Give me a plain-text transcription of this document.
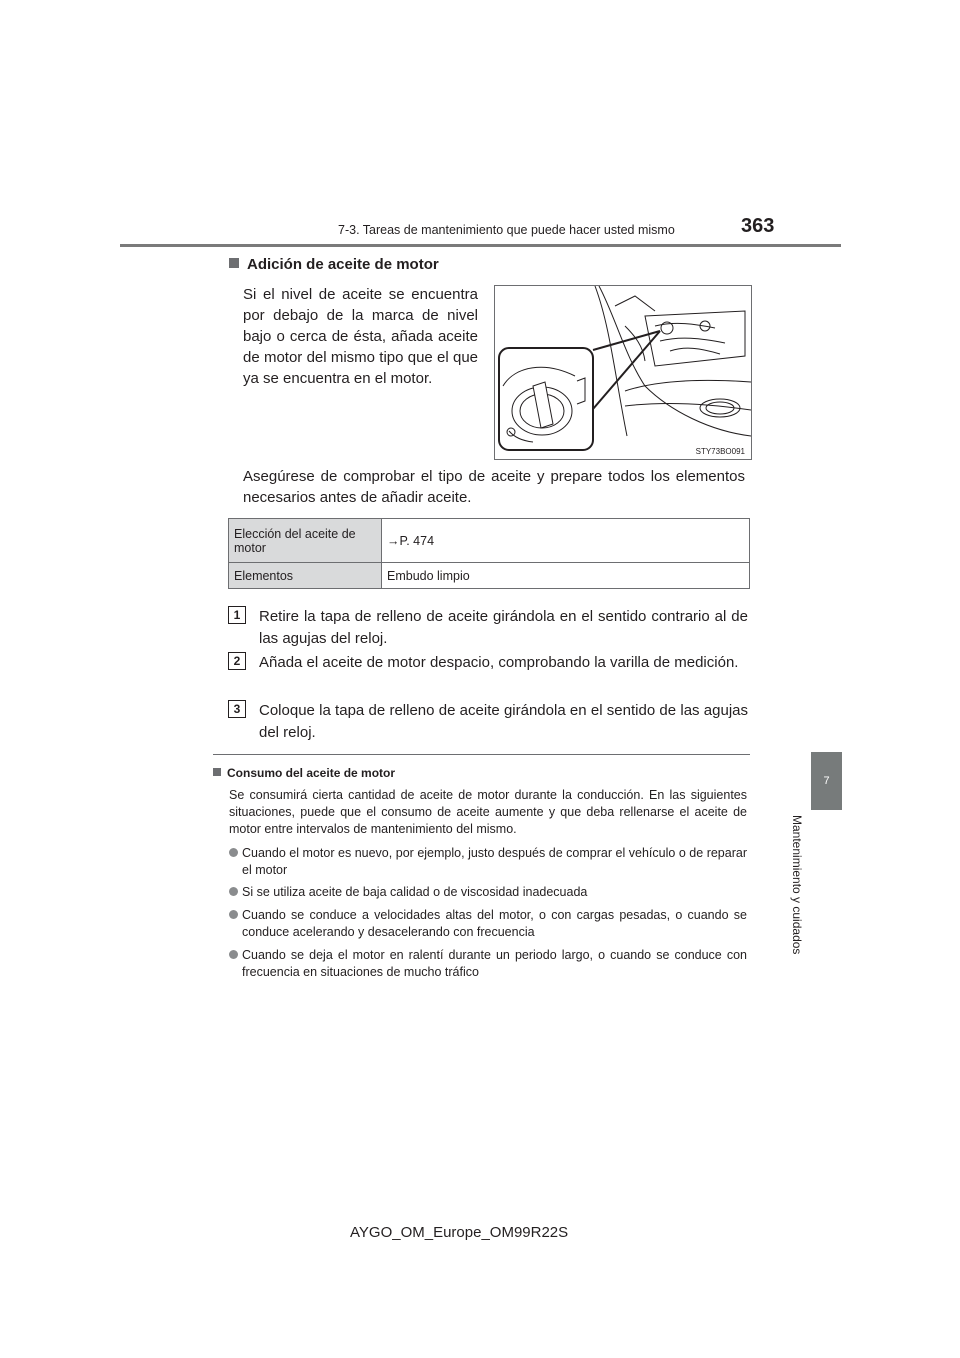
7-3. Tareas de mantenimiento que puede hacer usted mismo	363
7
Mantenimiento y cuidados
Adición de aceite de motor
Si el nivel de aceite se encuentra por debajo de la marca de nivel bajo o cerca de ésta, añada aceite de motor del mismo tipo que el que ya se encuentra en el motor.
STY73BO091
Asegúrese de comprobar el tipo de aceite y prepare todos los elementos necesarios antes de añadir aceite.
Elección del aceite de motor	→P. 474
Elementos	Embudo limpio
1	Retire la tapa de relleno de aceite girándola en el sentido contrario al de las agujas del reloj.
2	Añada el aceite de motor despacio, comprobando la varilla de medición.
3	Coloque la tapa de relleno de aceite girándola en el sentido de las agujas del reloj.
Consumo del aceite de motor
Se consumirá cierta cantidad de aceite de motor durante la conducción. En las siguientes situaciones, puede que el consumo de aceite aumente y que deba rellenarse el aceite de motor entre intervalos de mantenimiento del mismo.
Cuando el motor es nuevo, por ejemplo, justo después de comprar el vehículo o de reparar el motor
Si se utiliza aceite de baja calidad o de viscosidad inadecuada
Cuando se conduce a velocidades altas del motor, o con cargas pesadas, o cuando se conduce acelerando y desacelerando con frecuencia
Cuando se deja el motor en ralentí durante un periodo largo, o cuando se conduce con frecuencia en situaciones de mucho tráfico
AYGO_OM_Europe_OM99R22S
